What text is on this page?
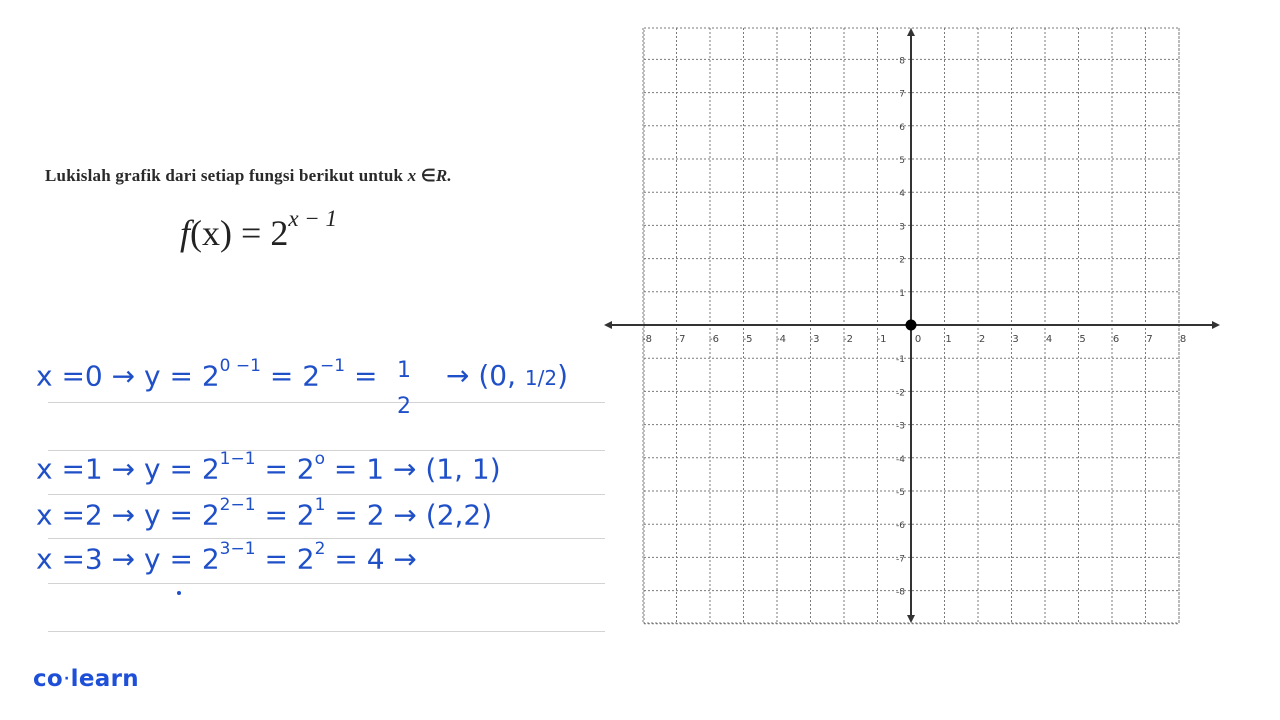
Lukislah grafik dari setiap fungsi berikut untuk x ∈R.
$f(x) = 2^{x - 1}$
$x =0 \to y = 2^{0 -1} = 2^{-1} = 1$
2
→ (0, 1/2)
$x =1 \to y = 2^{1-1} = 2^o = 1 \to (1$, 1)
$x =2 \to y = 2^{2-1} = 2^1 = 2 \to (2,2)$
$x =3 \to y = 2^{3-1} = 2^2 = 4$ →
-8 -7 -6 -5 -4 -3 -2 -1	0 1	2	3	4	5	6	7	8
8
7
6
5
4
3
2
1
-1
-2
-3
-4
-5
-6
-7
-8
co·learn
